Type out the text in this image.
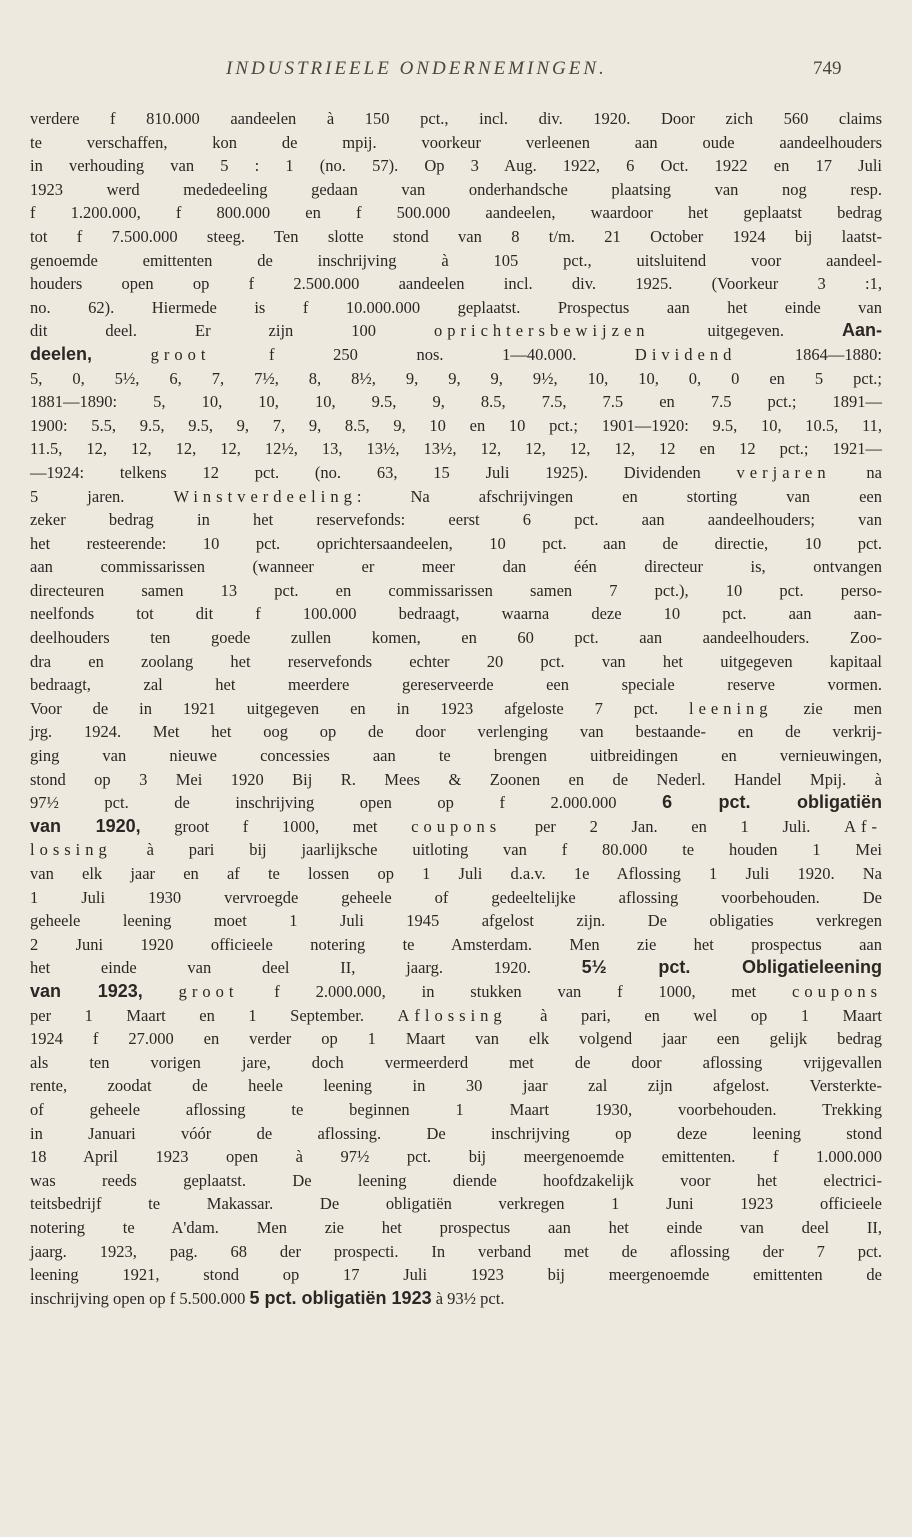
INDUSTRIEELE ONDERNEMINGEN.	749
verdere f 810.000 aandeelen à 150 pct., incl. div. 1920. Door zich 560 claims
te verschaffen, kon de mpij. voorkeur verleenen aan oude aandeelhouders
in verhouding van 5 : 1 (no. 57). Op 3 Aug. 1922, 6 Oct. 1922 en 17 Juli
1923 werd mededeeling gedaan van onderhandsche plaatsing van nog resp.
f 1.200.000, f 800.000 en f 500.000 aandeelen, waardoor het geplaatst bedrag
tot f 7.500.000 steeg. Ten slotte stond van 8 t/m. 21 October 1924 bij laatst-
genoemde emittenten de inschrijving à 105 pct., uitsluitend voor aandeel-
houders open op f 2.500.000 aandeelen incl. div. 1925. (Voorkeur 3 :1,
no. 62). Hiermede is f 10.000.000 geplaatst. Prospectus aan het einde van
dit deel. Er zijn 100 oprichtersbewijzen uitgegeven. Aan-
deelen,	groot f 250 nos. 1—40.000. Dividend 1864—1880:
5, 0, 5½, 6, 7, 7½, 8, 8½, 9, 9, 9, 9½, 10, 10, 0, 0 en 5 pct.;
1881—1890: 5, 10, 10, 10, 9.5, 9, 8.5, 7.5, 7.5 en 7.5 pct.; 1891—
1900: 5.5, 9.5, 9.5, 9, 7, 9, 8.5, 9, 10 en 10 pct.; 1901—1920: 9.5, 10, 10.5, 11,
11.5, 12, 12, 12, 12, 12½, 13, 13½, 13½, 12, 12, 12, 12, 12 en 12 pct.; 1921—
—1924: telkens 12 pct. (no. 63, 15 Juli 1925). Dividenden verjaren na
5 jaren. Winstverdeeling: Na afschrijvingen en storting van een
zeker bedrag in het reservefonds: eerst 6 pct. aan aandeelhouders; van
het resteerende: 10 pct. oprichtersaandeelen, 10 pct. aan de directie, 10 pct.
aan commissarissen (wanneer er meer dan één directeur is, ontvangen
directeuren samen 13 pct. en commissarissen samen 7 pct.), 10 pct. perso-
neelfonds tot dit f 100.000 bedraagt, waarna deze 10 pct. aan aan-
deelhouders ten goede zullen komen, en 60 pct. aan aandeelhouders. Zoo-
dra en zoolang het reservefonds echter 20 pct. van het uitgegeven kapitaal
bedraagt, zal het meerdere gereserveerde een speciale reserve vormen.
Voor de in 1921 uitgegeven en in 1923 afgeloste 7 pct. leening zie men
jrg. 1924. Met het oog op de door verlenging van bestaande- en de verkrij-
ging van nieuwe concessies aan te brengen uitbreidingen en vernieuwingen,
stond op 3 Mei 1920 Bij R. Mees & Zoonen en de Nederl. Handel Mpij. à
97½ pct. de inschrijving open op f 2.000.000 6 pct. obligatiën
van 1920, groot f 1000, met coupons per 2 Jan. en 1 Juli. Af-
lossing à pari bij jaarlijksche uitloting van f 80.000 te houden 1 Mei
van elk jaar en af te lossen op 1 Juli d.a.v. 1e Aflossing 1 Juli 1920. Na
1 Juli 1930 vervroegde geheele of gedeeltelijke aflossing voorbehouden. De
geheele leening moet 1 Juli 1945 afgelost zijn. De obligaties verkregen
2 Juni 1920 officieele notering te Amsterdam. Men zie het prospectus aan
het einde van deel II, jaarg. 1920. 5½ pct. Obligatieleening
van 1923, groot f 2.000.000, in stukken van f 1000, met coupons
per 1 Maart en 1 September. Aflossing à pari, en wel op 1 Maart
1924 f 27.000 en verder op 1 Maart van elk volgend jaar een gelijk bedrag
als ten vorigen jare, doch vermeerderd met de door aflossing vrijgevallen
rente, zoodat de heele leening in 30 jaar zal zijn afgelost. Versterkte-
of geheele aflossing te beginnen 1 Maart 1930, voorbehouden. Trekking
in Januari vóór de aflossing. De inschrijving op deze leening stond
18 April 1923 open à 97½ pct. bij meergenoemde emittenten. f 1.000.000
was reeds geplaatst. De leening diende hoofdzakelijk voor het electrici-
teitsbedrijf te Makassar. De obligatiën verkregen 1 Juni 1923 officieele
notering te A'dam. Men zie het prospectus aan het einde van deel II,
jaarg. 1923, pag. 68 der prospecti. In verband met de aflossing der 7 pct.
leening 1921, stond op 17 Juli 1923 bij meergenoemde emittenten de
inschrijving open op f 5.500.000 5 pct. obligatiën 1923 à 93½ pct.
